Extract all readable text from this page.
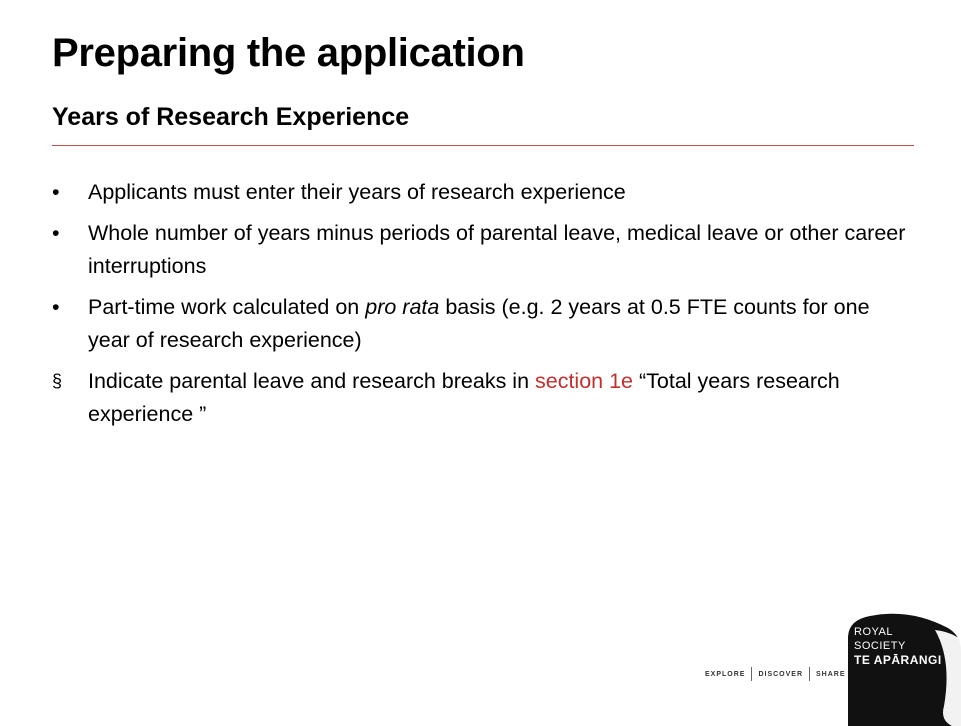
Preparing the application
Years of Research Experience
•	Applicants must enter their years of research experience
•	Whole number of years minus periods of parental leave, medical leave or other career interruptions
•	Part-time work calculated on pro rata basis (e.g. 2 years at 0.5 FTE counts for one year of research experience)
§	Indicate parental leave and research breaks in section 1e “Total years research experience ”
EXPLORE DISCOVER SHARE
ROYAL
SOCIETY
TE APĀRANGI
